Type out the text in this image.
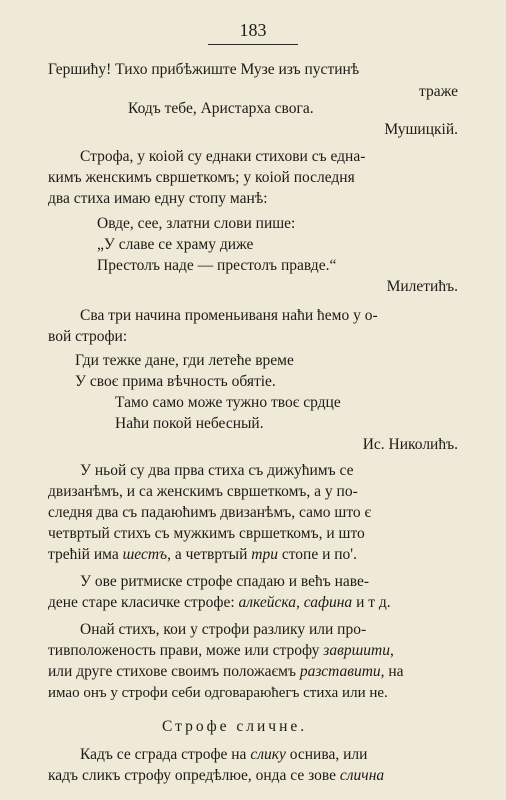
183
Гершићу! Тихо прибѣжиште Музе изъ пустинѣ
траже
Кодъ тебе, Аристарха свога.
Мушицкій.
Строфа, у коіой су еднаки стихови съ една-
кимъ женскимъ свршеткомъ; у коіой последня
два стиха имаю едну стопу манѣ:
Овде, сее, златни слови пише:
„У славе се храму диже
Престолъ наде — престолъ правде.“
Милетићъ.
Сва три начина променьиваня наћи ћемо у о-
вой строфи:
Гди тежке дане, гди летеће време
У своє прима вѣчность обятіе.
Тамо само може тужно твоє срдце
Наћи покой небесный.
Ис. Николићъ.
У ньой су два прва стиха съ дижућимъ се
двизанѣмъ, и са женскимъ свршеткомъ, а у по-
следня два съ падаюћимъ двизанѣмъ, само што є
четвртый стихъ съ мужкимъ свршеткомъ, и што
трећій има шестъ, а четвртый три стопе и по'.
У ове ритмиске строфе спадаю и већъ наве-
дене старе класичке строфе: алкейска, сафина и т д.
Онай стихъ, кои у строфи разлику или про-
тивположеность прави, може или строфу завршити,
или друге стихове своимъ положаємъ разставити, на
имао онъ у строфи себи одговараюћегъ стиха или не.
Строфе сличне.
Кадъ се сграда строфе на слику оснива, или
кадъ сликъ строфу опредѣлюе, онда се зове слична
